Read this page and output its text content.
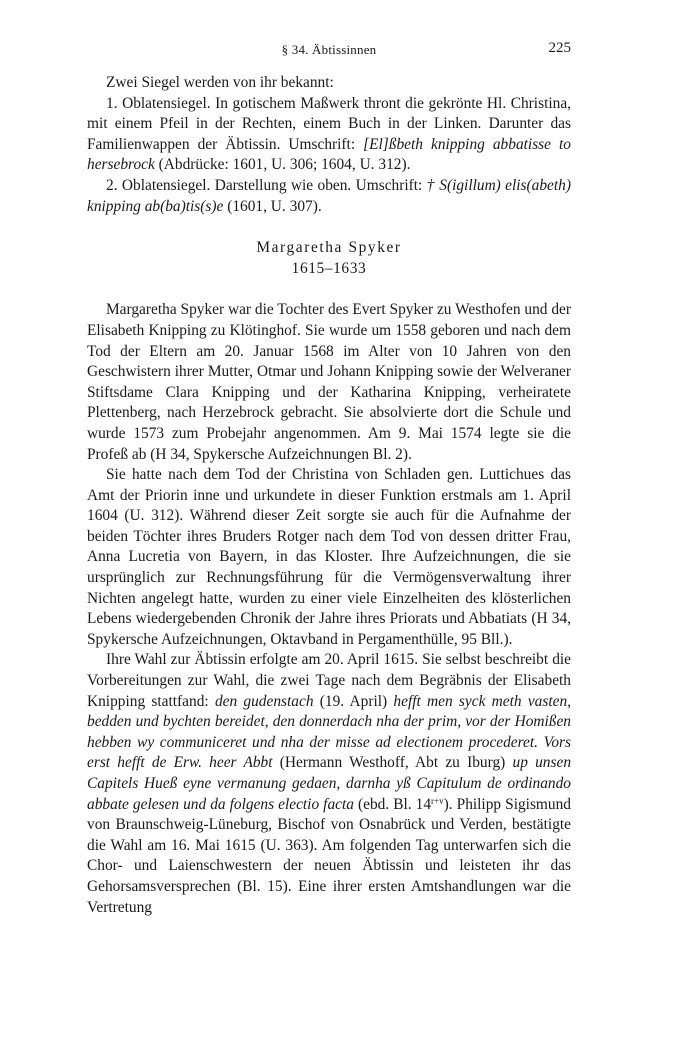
§ 34. Äbtissinnen	225

Zwei Siegel werden von ihr bekannt:

1. Oblatensiegel. In gotischem Maßwerk thront die gekrönte Hl. Christina, mit einem Pfeil in der Rechten, einem Buch in der Linken. Darunter das Familienwappen der Äbtissin. Umschrift: [El]ßbeth knipping abbatisse to hersebrock (Abdrücke: 1601, U. 306; 1604, U. 312).

2. Oblatensiegel. Darstellung wie oben. Umschrift: † S(igillum) elis(abeth) knipping ab(ba)tis(s)e (1601, U. 307).

Margaretha Spyker
1615–1633

Margaretha Spyker war die Tochter des Evert Spyker zu Westhofen und der Elisabeth Knipping zu Klötinghof. Sie wurde um 1558 geboren und nach dem Tod der Eltern am 20. Januar 1568 im Alter von 10 Jahren von den Geschwistern ihrer Mutter, Otmar und Johann Knipping sowie der Welveraner Stiftsdame Clara Knipping und der Katharina Knipping, verheiratete Plettenberg, nach Herzebrock gebracht. Sie absolvierte dort die Schule und wurde 1573 zum Probejahr angenommen. Am 9. Mai 1574 legte sie die Profeß ab (H 34, Spykersche Aufzeichnungen Bl. 2).

Sie hatte nach dem Tod der Christina von Schladen gen. Luttichues das Amt der Priorin inne und urkundete in dieser Funktion erstmals am 1. April 1604 (U. 312). Während dieser Zeit sorgte sie auch für die Aufnahme der beiden Töchter ihres Bruders Rotger nach dem Tod von dessen dritter Frau, Anna Lucretia von Bayern, in das Kloster. Ihre Aufzeichnungen, die sie ursprünglich zur Rechnungsführung für die Vermögensverwaltung ihrer Nichten angelegt hatte, wurden zu einer viele Einzelheiten des klösterlichen Lebens wiedergebenden Chronik der Jahre ihres Priorats und Abbatiats (H 34, Spykersche Aufzeichnungen, Oktavband in Pergamenthülle, 95 Bll.).

Ihre Wahl zur Äbtissin erfolgte am 20. April 1615. Sie selbst beschreibt die Vorbereitungen zur Wahl, die zwei Tage nach dem Begräbnis der Elisabeth Knipping stattfand: den gudenstach (19. April) hefft men syck meth vasten, bedden und bychten bereidet, den donnerdach nha der prim, vor der Homißen hebben wy communiceret und nha der misse ad electionem procederet. Vors erst hefft de Erw. heer Abbt (Hermann Westhoff, Abt zu Iburg) up unsen Capitels Hueß eyne vermanung gedaen, darnha yß Capitulum de ordinando abbate gelesen und da folgens electio facta (ebd. Bl. $14^{r+v}$). Philipp Sigismund von Braunschweig-Lüneburg, Bischof von Osnabrück und Verden, bestätigte die Wahl am 16. Mai 1615 (U. 363). Am folgenden Tag unterwarfen sich die Chor- und Laienschwestern der neuen Äbtissin und leisteten ihr das Gehorsamsversprechen (Bl. 15). Eine ihrer ersten Amtshandlungen war die Vertretung
